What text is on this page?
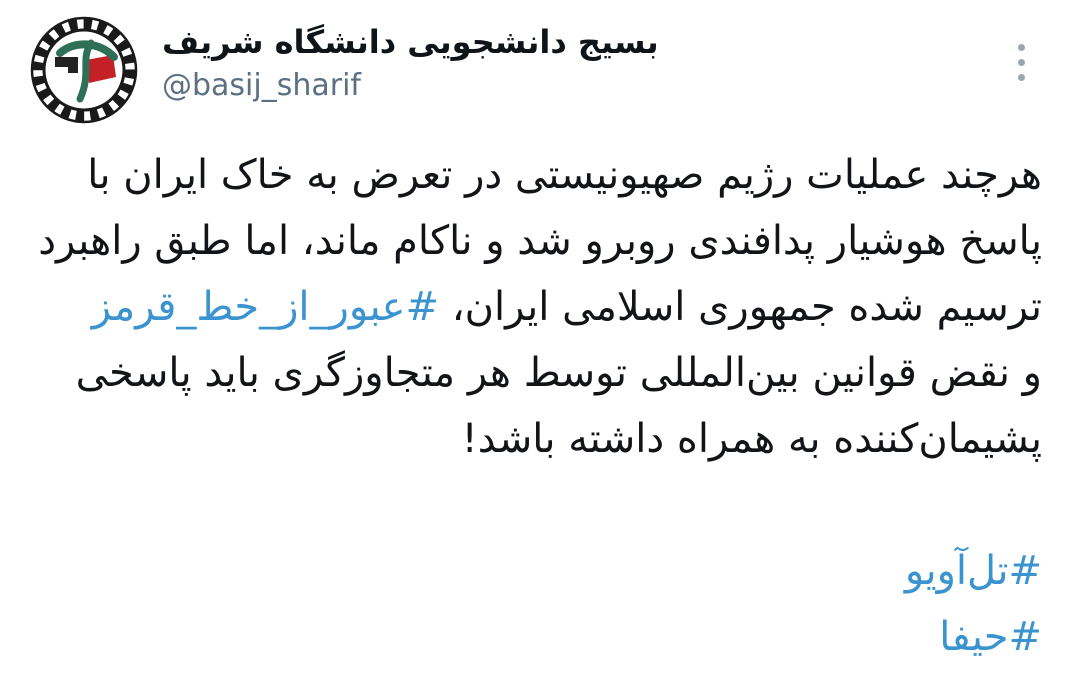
بسیج دانشجویی دانشگاه شریف
@basij_sharif
هرچند عملیات رژیم صهیونیستی در تعرض به خاک ایران با
پاسخ هوشیار پدافندی روبرو شد و ناکام ماند، اما طبق راهبرد
ترسیم شده جمهوری اسلامی ایران، #عبور_از_خط_قرمز
و نقض قوانین بین‌المللی توسط هر متجاوزگری باید پاسخی
پشیمان‌کننده به همراه داشته باشد!

#تل‌آویو
#حیفا
